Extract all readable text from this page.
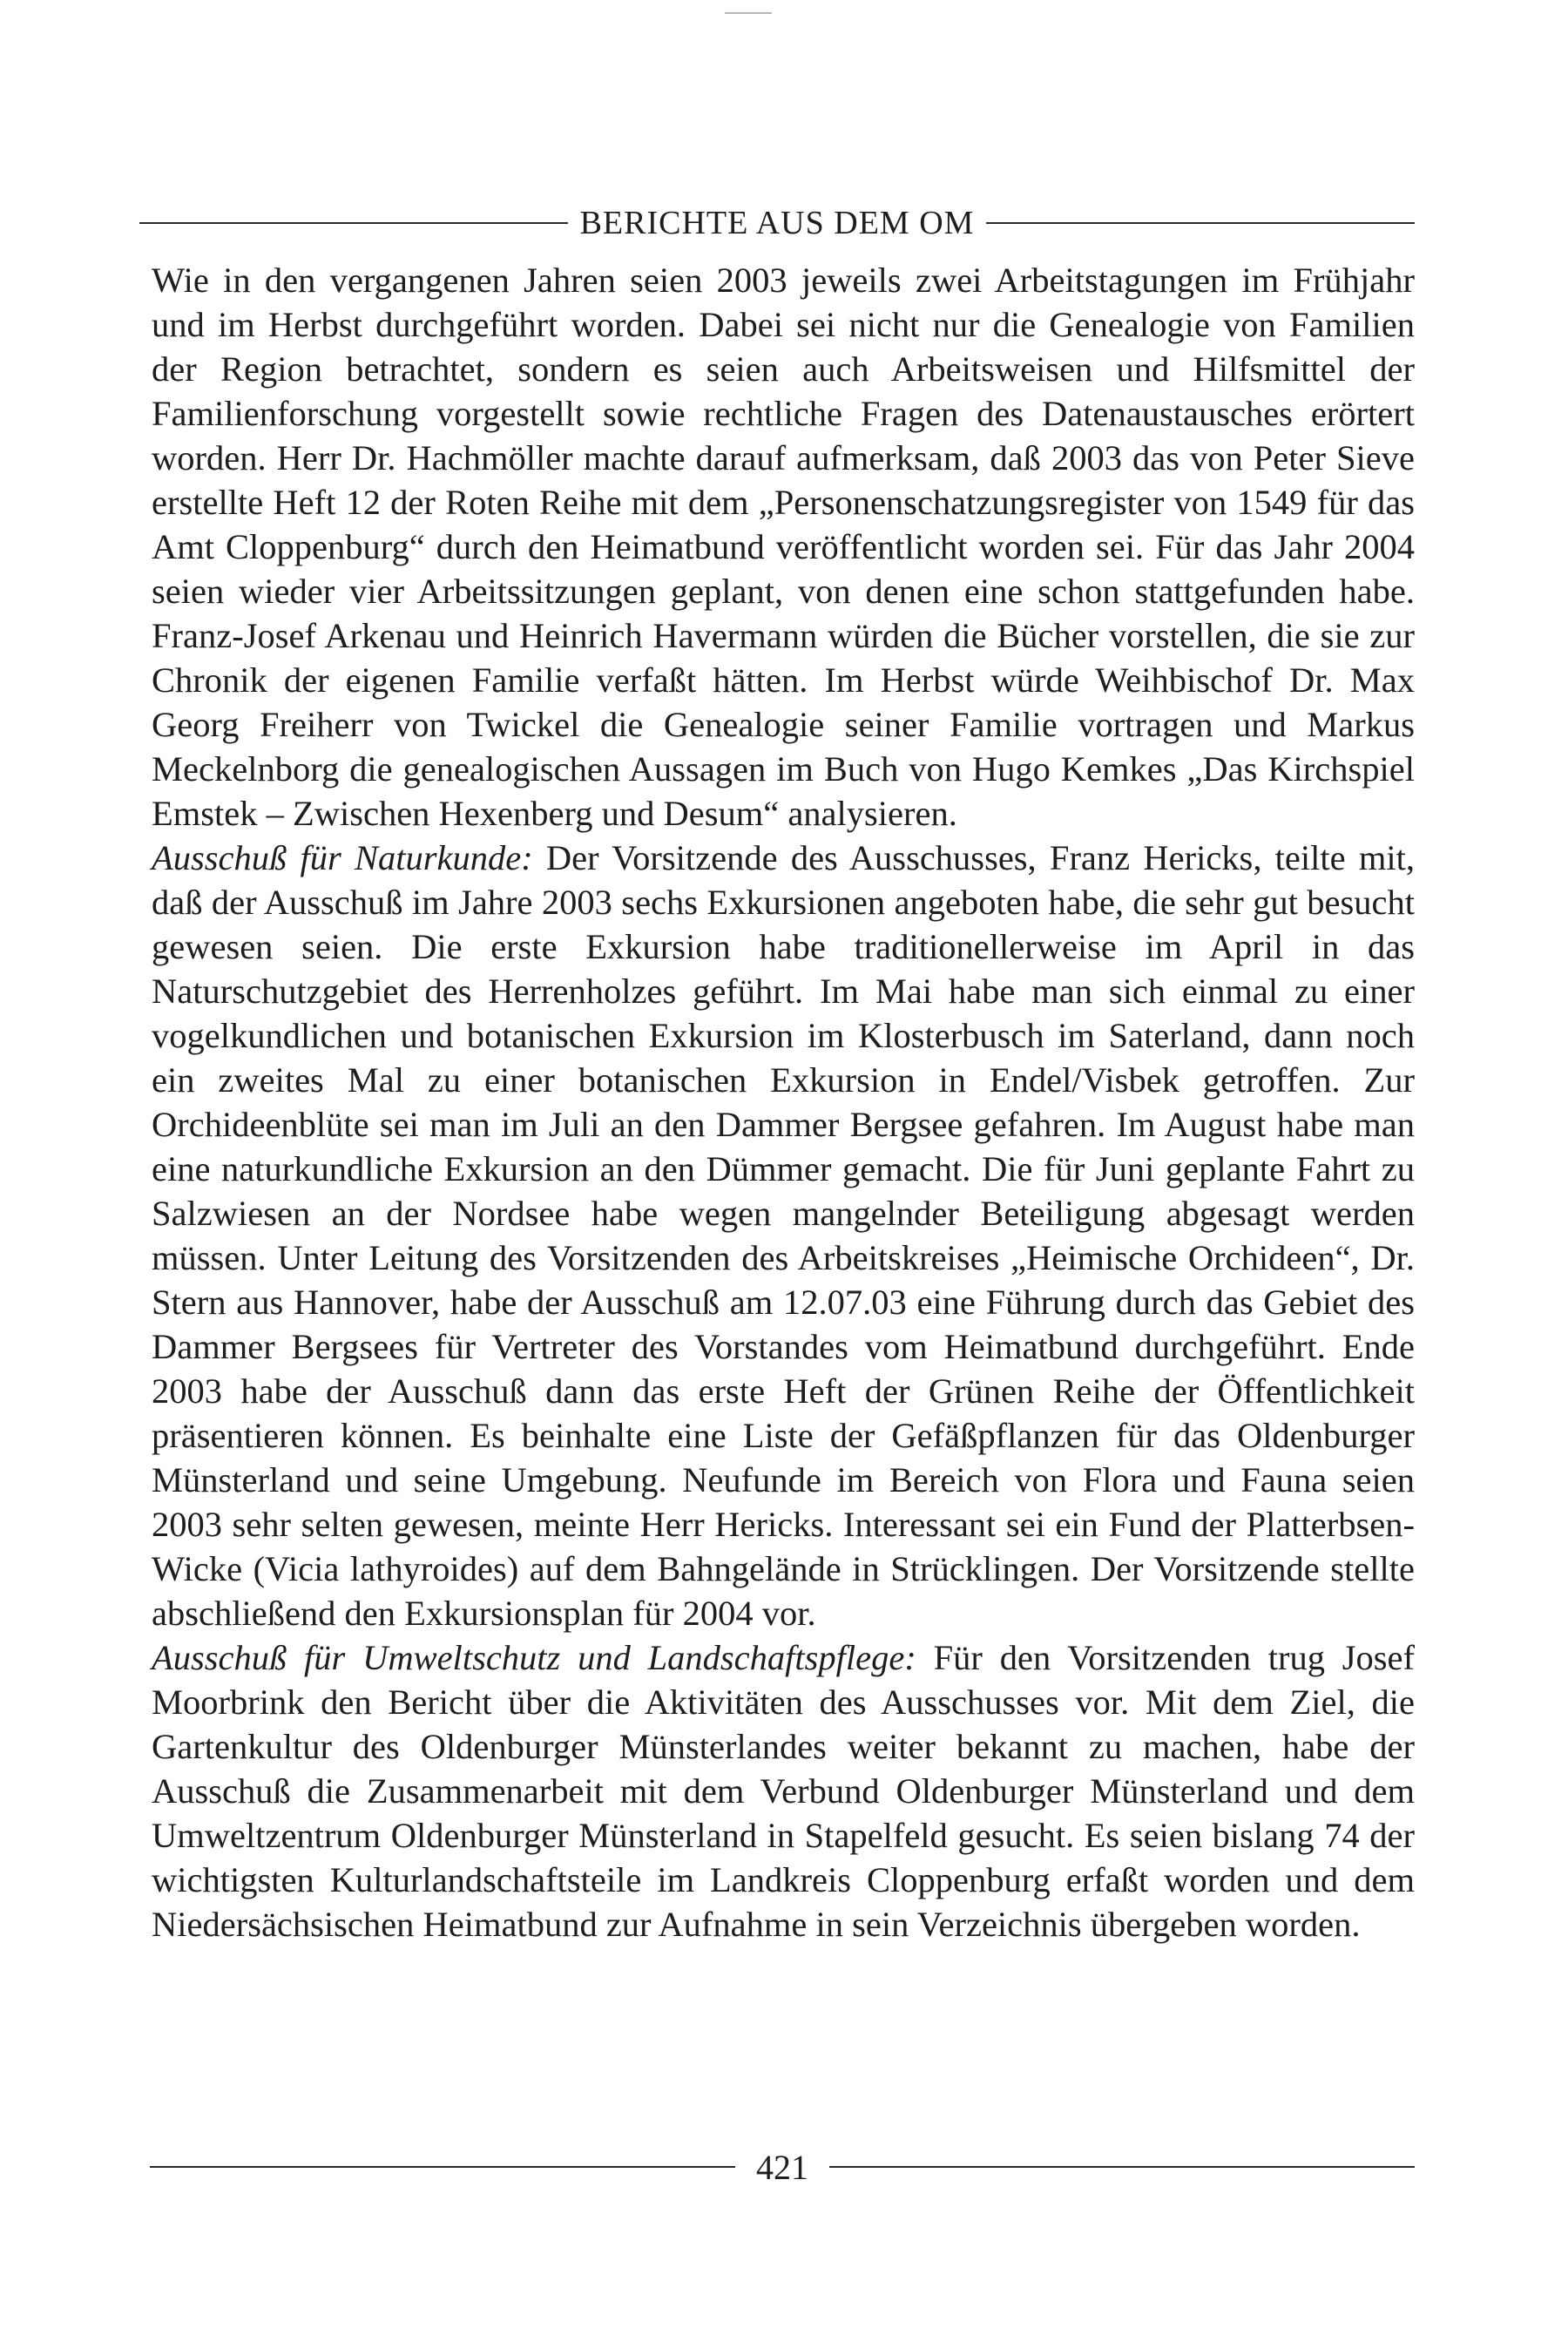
BERICHTE AUS DEM OM

Wie in den vergangenen Jahren seien 2003 jeweils zwei Arbeitstagungen im Frühjahr und im Herbst durchgeführt worden. Dabei sei nicht nur die Genealogie von Familien der Region betrachtet, sondern es seien auch Arbeitsweisen und Hilfsmittel der Familienforschung vorgestellt sowie rechtliche Fragen des Datenaustausches erörtert worden. Herr Dr. Hachmöller machte darauf aufmerksam, daß 2003 das von Peter Sieve erstellte Heft 12 der Roten Reihe mit dem „Personenschatzungsregister von 1549 für das Amt Cloppenburg“ durch den Heimatbund veröffentlicht worden sei. Für das Jahr 2004 seien wieder vier Arbeitssitzungen geplant, von denen eine schon stattgefunden habe. Franz-Josef Arkenau und Heinrich Havermann würden die Bücher vorstellen, die sie zur Chronik der eigenen Familie verfaßt hätten. Im Herbst würde Weihbischof Dr. Max Georg Freiherr von Twickel die Genealogie seiner Familie vortragen und Markus Meckelnborg die genealogischen Aussagen im Buch von Hugo Kemkes „Das Kirchspiel Emstek – Zwischen Hexenberg und Desum“ analysieren.

Ausschuß für Naturkunde: Der Vorsitzende des Ausschusses, Franz Hericks, teilte mit, daß der Ausschuß im Jahre 2003 sechs Exkursionen angeboten habe, die sehr gut besucht gewesen seien. Die erste Exkursion habe traditionellerweise im April in das Naturschutzgebiet des Herrenholzes geführt. Im Mai habe man sich einmal zu einer vogelkundlichen und botanischen Exkursion im Klosterbusch im Saterland, dann noch ein zweites Mal zu einer botanischen Exkursion in Endel/Visbek getroffen. Zur Orchideenblüte sei man im Juli an den Dammer Bergsee gefahren. Im August habe man eine naturkundliche Exkursion an den Dümmer gemacht. Die für Juni geplante Fahrt zu Salzwiesen an der Nordsee habe wegen mangelnder Beteiligung abgesagt werden müssen. Unter Leitung des Vorsitzenden des Arbeitskreises „Heimische Orchideen“, Dr. Stern aus Hannover, habe der Ausschuß am 12.07.03 eine Führung durch das Gebiet des Dammer Bergsees für Vertreter des Vorstandes vom Heimatbund durchgeführt. Ende 2003 habe der Ausschuß dann das erste Heft der Grünen Reihe der Öffentlichkeit präsentieren können. Es beinhalte eine Liste der Gefäßpflanzen für das Oldenburger Münsterland und seine Umgebung. Neufunde im Bereich von Flora und Fauna seien 2003 sehr selten gewesen, meinte Herr Hericks. Interessant sei ein Fund der Platterbsen-Wicke (Vicia lathyroides) auf dem Bahngelände in Strücklingen. Der Vorsitzende stellte abschließend den Exkursionsplan für 2004 vor.

Ausschuß für Umweltschutz und Landschaftspflege: Für den Vorsitzenden trug Josef Moorbrink den Bericht über die Aktivitäten des Ausschusses vor. Mit dem Ziel, die Gartenkultur des Oldenburger Münsterlandes weiter bekannt zu machen, habe der Ausschuß die Zusammenarbeit mit dem Verbund Oldenburger Münsterland und dem Umweltzentrum Oldenburger Münsterland in Stapelfeld gesucht. Es seien bislang 74 der wichtigsten Kulturlandschaftsteile im Landkreis Cloppenburg erfaßt worden und dem Niedersächsischen Heimatbund zur Aufnahme in sein Verzeichnis übergeben worden.

421
